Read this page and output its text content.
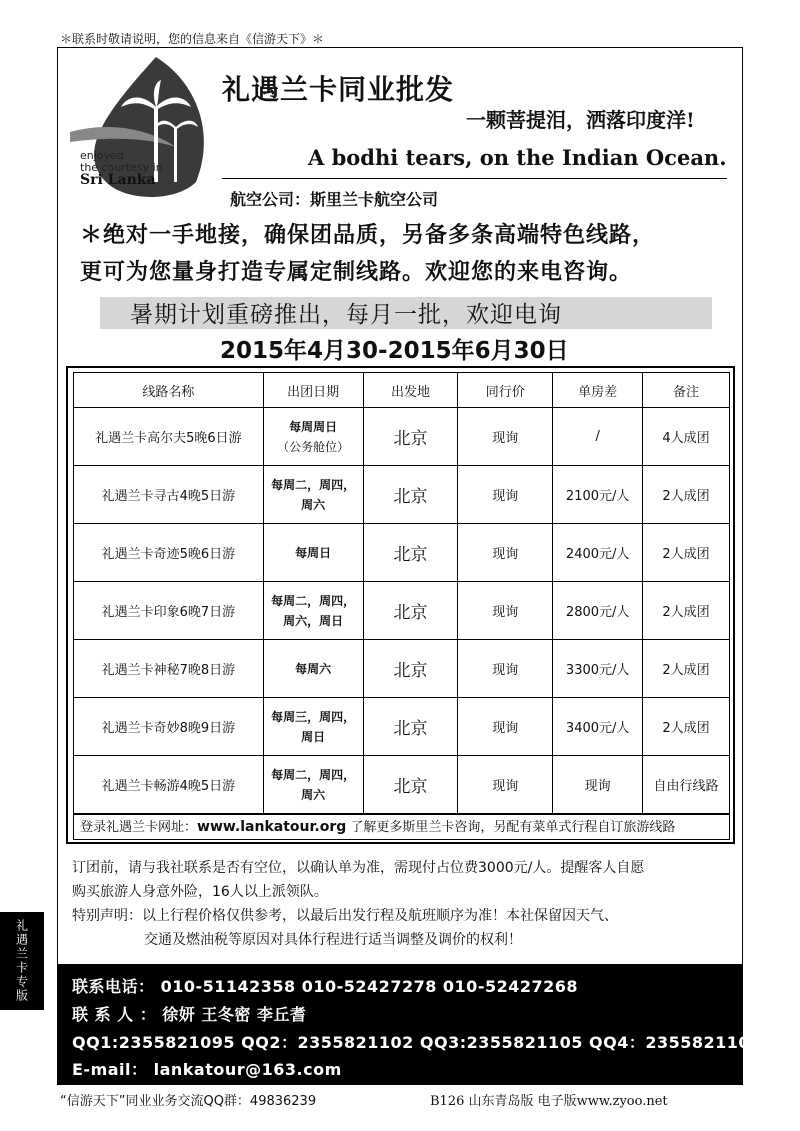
＊联系时敬请说明，您的信息来自《信游天下》＊
enjoyed
the courtesy in
Sri Lanka
礼遇兰卡同业批发
一颗菩提泪，洒落印度洋!
A bodhi tears, on the Indian Ocean.
航空公司：斯里兰卡航空公司
＊绝对一手地接，确保团品质，另备多条高端特色线路，
更可为您量身打造专属定制线路。欢迎您的来电咨询。
暑期计划重磅推出，每月一批，欢迎电询
2015年4月30-2015年6月30日
线路名称	出团日期	出发地	同行价	单房差	备注
礼遇兰卡高尔夫5晚6日游	每周周日
（公务舱位）	北京	现询	/	4人成团
礼遇兰卡寻古4晚5日游	每周二，周四，
周六	北京	现询	2100元/人	2人成团
礼遇兰卡奇迹5晚6日游	每周日	北京	现询	2400元/人	2人成团
礼遇兰卡印象6晚7日游	每周二，周四，
周六，周日	北京	现询	2800元/人	2人成团
礼遇兰卡神秘7晚8日游	每周六	北京	现询	3300元/人	2人成团
礼遇兰卡奇妙8晚9日游	每周三，周四，
周日	北京	现询	3400元/人	2人成团
礼遇兰卡畅游4晚5日游	每周二，周四，
周六	北京	现询	现询	自由行线路
登录礼遇兰卡网址：www.lankatour.org 了解更多斯里兰卡咨询，另配有菜单式行程自订旅游线路
订团前，请与我社联系是否有空位，以确认单为准，需现付占位费3000元/人。提醒客人自愿
购买旅游人身意外险，16人以上派领队。
特别声明：以上行程价格仅供参考，以最后出发行程及航班顺序为准！本社保留因天气、
交通及燃油税等原因对具体行程进行适当调整及调价的权利！
礼遇兰卡专版	联系电话： 010-51142358 010-52427278 010-52427268
联 系 人 ： 徐妍 王冬密 李丘耆
QQ1:2355821095 QQ2：2355821102 QQ3:2355821105 QQ4：2355821104
E-mail： lankatour@163.com
“信游天下”同业业务交流QQ群：49836239	B126 山东青岛版 电子版www.zyoo.net
